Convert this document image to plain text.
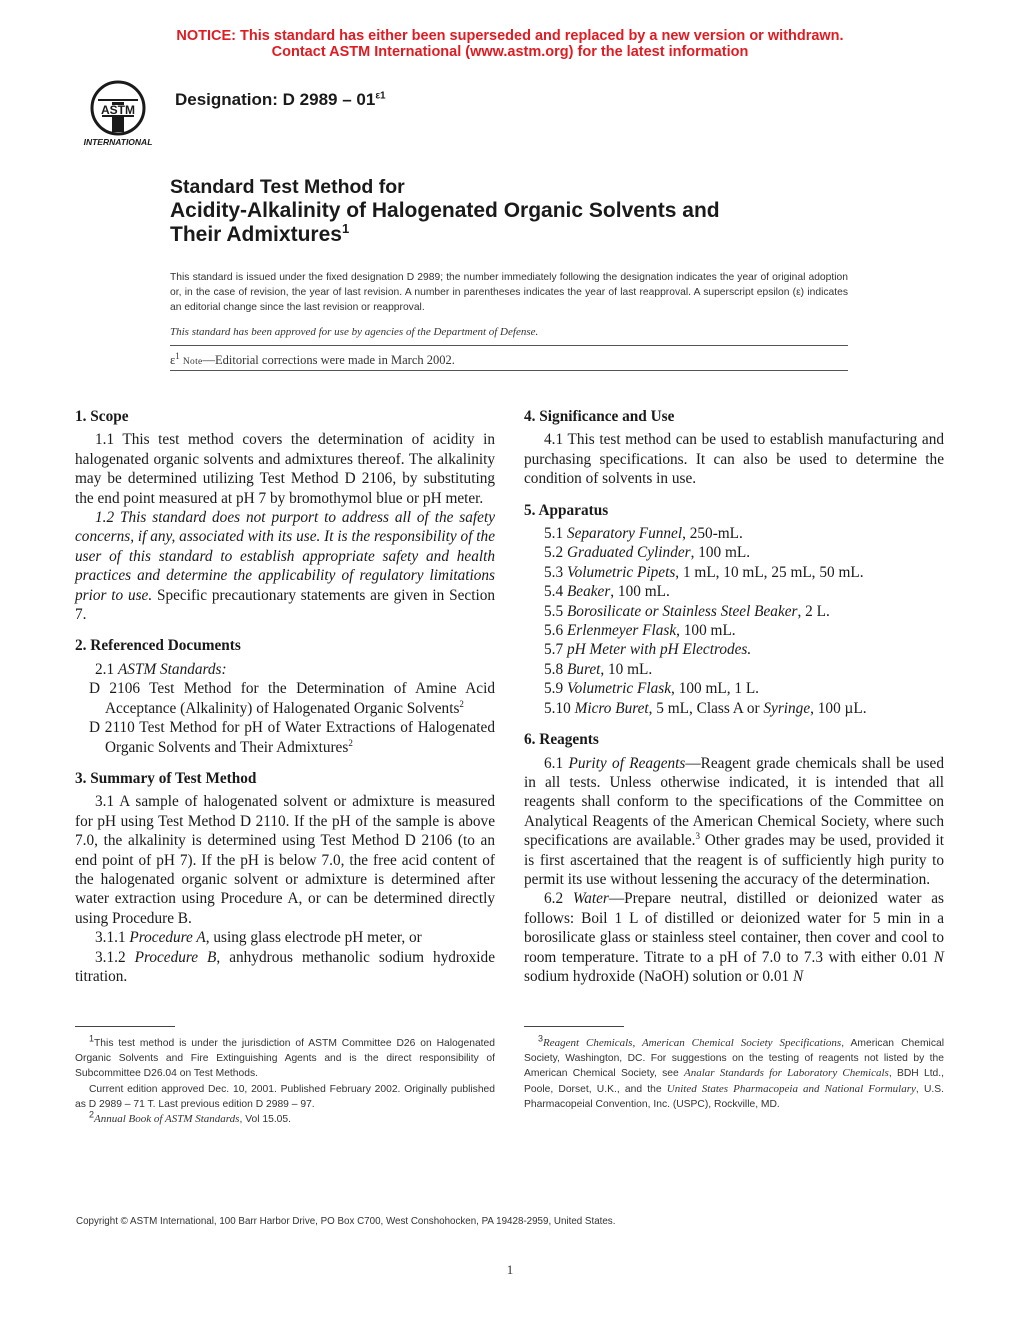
NOTICE: This standard has either been superseded and replaced by a new version or withdrawn.
Contact ASTM International (www.astm.org) for the latest information
ASTM
INTERNATIONAL
Designation: D $2989 - 01^{\varepsilon 1}$
Standard Test Method for
Acidity-Alkalinity of Halogenated Organic Solvents and
Their Admixtures$^1$
This standard is issued under the fixed designation D 2989; the number immediately following the designation indicates the year of original adoption or, in the case of revision, the year of last revision. A number in parentheses indicates the year of last reapproval. A superscript epsilon (ε) indicates an editorial change since the last revision or reapproval.
This standard has been approved for use by agencies of the Department of Defense.
$\varepsilon^1$ Note—Editorial corrections were made in March 2002.

1. Scope

1.1 This test method covers the determination of acidity in halogenated organic solvents and admixtures thereof. The alkalinity may be determined utilizing Test Method D 2106, by substituting the end point measured at pH 7 by bromothymol blue or pH meter.

1.2 This standard does not purport to address all of the safety concerns, if any, associated with its use. It is the responsibility of the user of this standard to establish appropriate safety and health practices and determine the applicability of regulatory limitations prior to use. Specific precautionary statements are given in Section 7.

2. Referenced Documents

2.1 ASTM Standards:

D 2106 Test Method for the Determination of Amine Acid Acceptance (Alkalinity) of Halogenated Organic Solvents$^2$

D 2110 Test Method for pH of Water Extractions of Halogenated Organic Solvents and Their Admixtures$^2$

3. Summary of Test Method

3.1 A sample of halogenated solvent or admixture is measured for pH using Test Method D 2110. If the pH of the sample is above 7.0, the alkalinity is determined using Test Method D 2106 (to an end point of pH 7). If the pH is below 7.0, the free acid content of the halogenated organic solvent or admixture is determined after water extraction using Procedure A, or can be determined directly using Procedure B.

3.1.1 Procedure A, using glass electrode pH meter, or

3.1.2 Procedure B, anhydrous methanolic sodium hydroxide titration.

4. Significance and Use

4.1 This test method can be used to establish manufacturing and purchasing specifications. It can also be used to determine the condition of solvents in use.

5. Apparatus

5.1 Separatory Funnel, 250-mL.

5.2 Graduated Cylinder, 100 mL.

5.3 Volumetric Pipets, 1 mL, 10 mL, 25 mL, 50 mL.

5.4 Beaker, 100 mL.

5.5 Borosilicate or Stainless Steel Beaker, 2 L.

5.6 Erlenmeyer Flask, 100 mL.

5.7 pH Meter with pH Electrodes.

5.8 Buret, 10 mL.

5.9 Volumetric Flask, 100 mL, 1 L.

5.10 Micro Buret, 5 mL, Class A or Syringe, 100 µL.

6. Reagents

6.1 Purity of Reagents—Reagent grade chemicals shall be used in all tests. Unless otherwise indicated, it is intended that all reagents shall conform to the specifications of the Committee on Analytical Reagents of the American Chemical Society, where such specifications are available.$^3$ Other grades may be used, provided it is first ascertained that the reagent is of sufficiently high purity to permit its use without lessening the accuracy of the determination.

6.2 Water—Prepare neutral, distilled or deionized water as follows: Boil 1 L of distilled or deionized water for 5 min in a borosilicate glass or stainless steel container, then cover and cool to room temperature. Titrate to a pH of 7.0 to 7.3 with either 0.01 N sodium hydroxide (NaOH) solution or 0.01 N

$^1$This test method is under the jurisdiction of ASTM Committee D26 on Halogenated Organic Solvents and Fire Extinguishing Agents and is the direct responsibility of Subcommittee D26.04 on Test Methods.

Current edition approved Dec. 10, 2001. Published February 2002. Originally published as D 2989 – 71 T. Last previous edition D 2989 – 97.

$^2$Annual Book of ASTM Standards, Vol 15.05.

$^3$Reagent Chemicals, American Chemical Society Specifications, American Chemical Society, Washington, DC. For suggestions on the testing of reagents not listed by the American Chemical Society, see Analar Standards for Laboratory Chemicals, BDH Ltd., Poole, Dorset, U.K., and the United States Pharmacopeia and National Formulary, U.S. Pharmacopeial Convention, Inc. (USPC), Rockville, MD.

Copyright © ASTM International, 100 Barr Harbor Drive, PO Box C700, West Conshohocken, PA 19428-2959, United States.
1
